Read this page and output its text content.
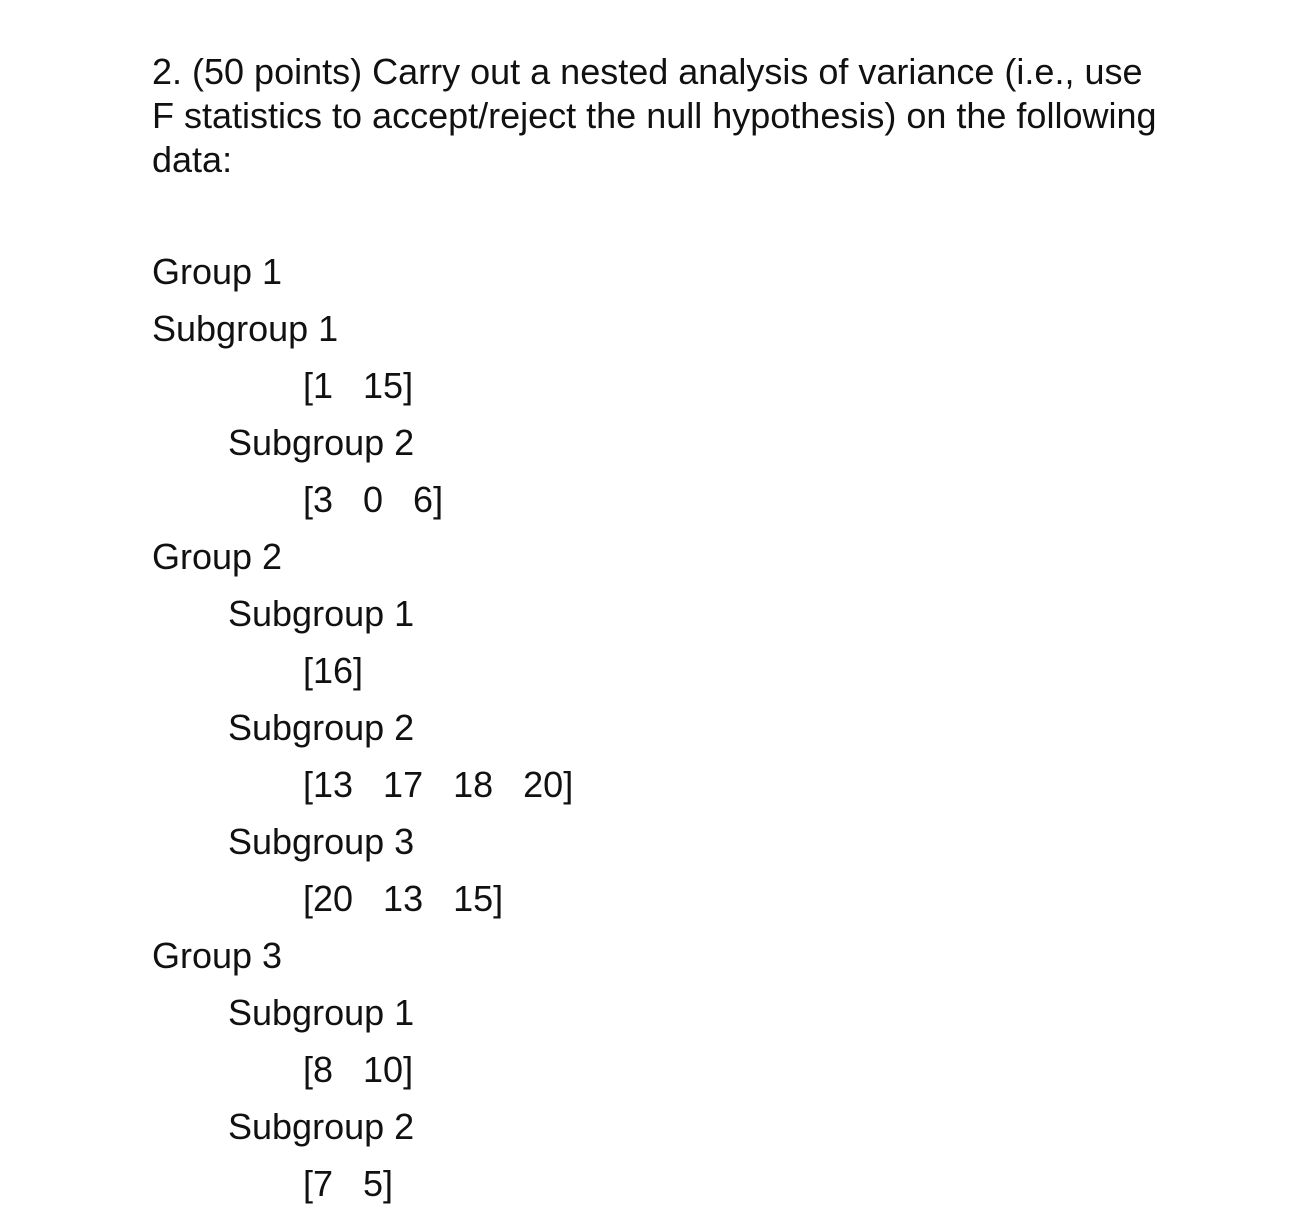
2. (50 points) Carry out a nested analysis of variance (i.e., use F statistics to accept/reject the null hypothesis) on the following data:

Group 1

Subgroup 1

[1   15]

Subgroup 2

[3   0   6]

Group 2

Subgroup 1

[16]

Subgroup 2

[13   17   18   20]

Subgroup 3

[20   13   15]

Group 3

Subgroup 1

[8   10]

Subgroup 2

[7   5]
